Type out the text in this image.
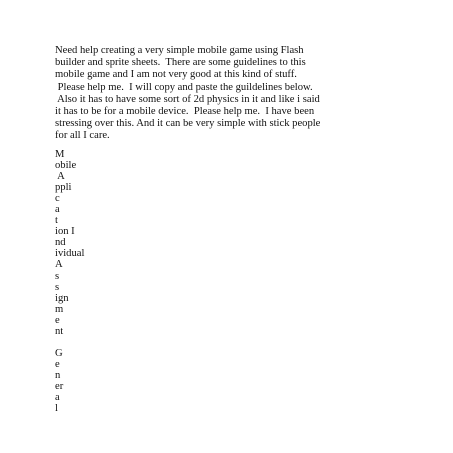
Need help creating a very simple mobile game using Flash
builder and sprite sheets.  There are some guidelines to this
mobile game and I am not very good at this kind of stuff.
Please help me.  I will copy and paste the guildelines below.
Also it has to have some sort of 2d physics in it and like i said
it has to be for a mobile device.  Please help me.  I have been
stressing over this. And it can be very simple with stick people
for all I care.
M
obile
A
ppli
c
a
t
ion I
nd
ividual
A
s
s
ign
m
e
nt
G
e
n
er
a
l
